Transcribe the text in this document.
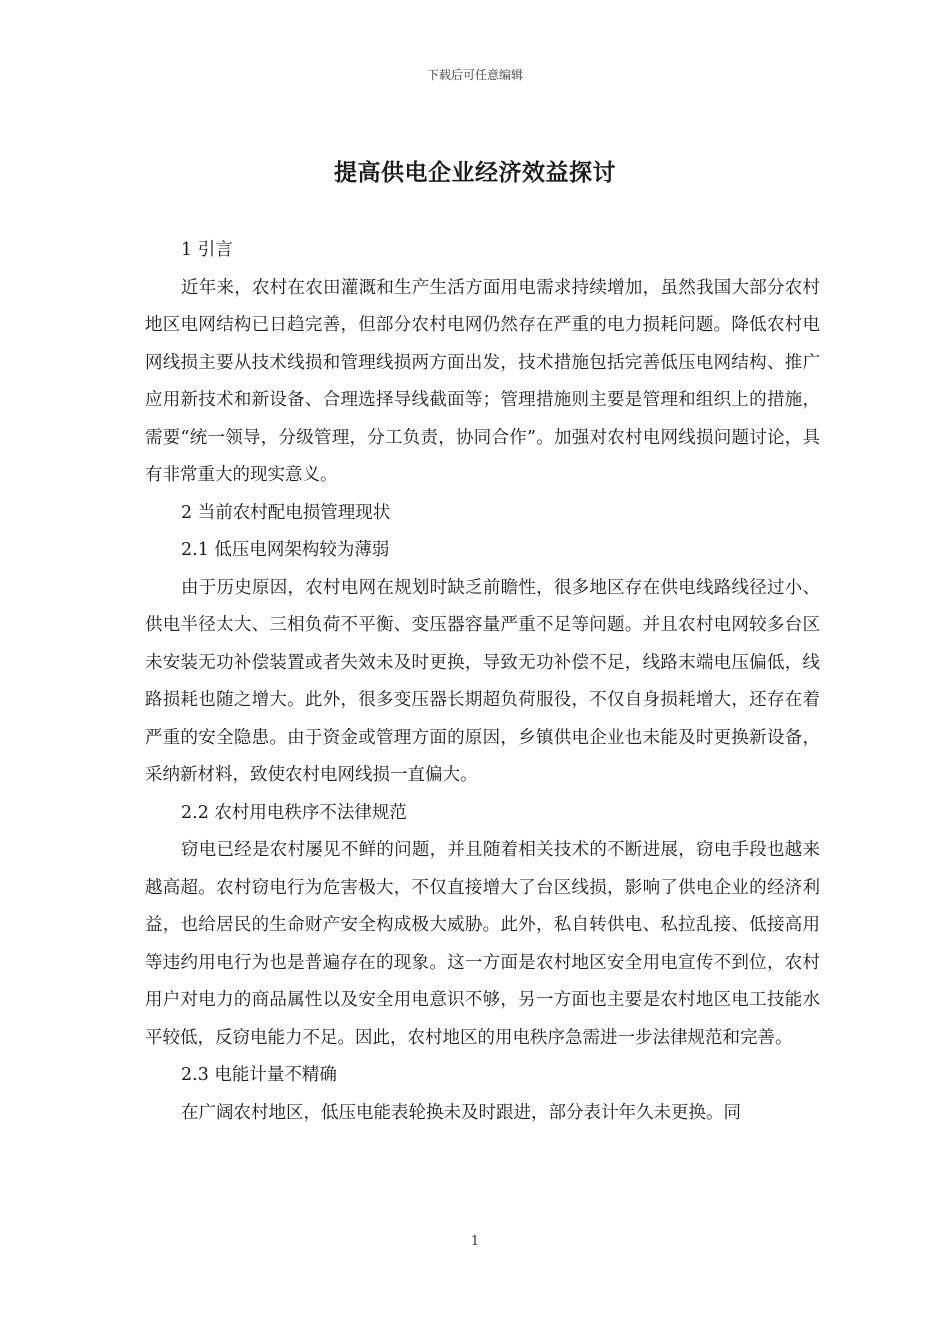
下载后可任意编辑
提高供电企业经济效益探讨

1 引言

近年来，农村在农田灌溉和生产生活方面用电需求持续增加，虽然我国大部分农村地区电网结构已日趋完善，但部分农村电网仍然存在严重的电力损耗问题。降低农村电网线损主要从技术线损和管理线损两方面出发，技术措施包括完善低压电网结构、推广应用新技术和新设备、合理选择导线截面等；管理措施则主要是管理和组织上的措施，需要“统一领导，分级管理，分工负责，协同合作”。加强对农村电网线损问题讨论，具有非常重大的现实意义。

2 当前农村配电损管理现状

2.1 低压电网架构较为薄弱

由于历史原因，农村电网在规划时缺乏前瞻性，很多地区存在供电线路线径过小、供电半径太大、三相负荷不平衡、变压器容量严重不足等问题。并且农村电网较多台区未安装无功补偿装置或者失效未及时更换，导致无功补偿不足，线路末端电压偏低，线路损耗也随之增大。此外，很多变压器长期超负荷服役，不仅自身损耗增大，还存在着严重的安全隐患。由于资金或管理方面的原因，乡镇供电企业也未能及时更换新设备，采纳新材料，致使农村电网线损一直偏大。

2.2 农村用电秩序不法律规范

窃电已经是农村屡见不鲜的问题，并且随着相关技术的不断进展，窃电手段也越来越高超。农村窃电行为危害极大，不仅直接增大了台区线损，影响了供电企业的经济利益，也给居民的生命财产安全构成极大威胁。此外，私自转供电、私拉乱接、低接高用等违约用电行为也是普遍存在的现象。这一方面是农村地区安全用电宣传不到位，农村用户对电力的商品属性以及安全用电意识不够，另一方面也主要是农村地区电工技能水平较低，反窃电能力不足。因此，农村地区的用电秩序急需进一步法律规范和完善。

2.3 电能计量不精确

在广阔农村地区，低压电能表轮换未及时跟进，部分表计年久未更换。同

1
